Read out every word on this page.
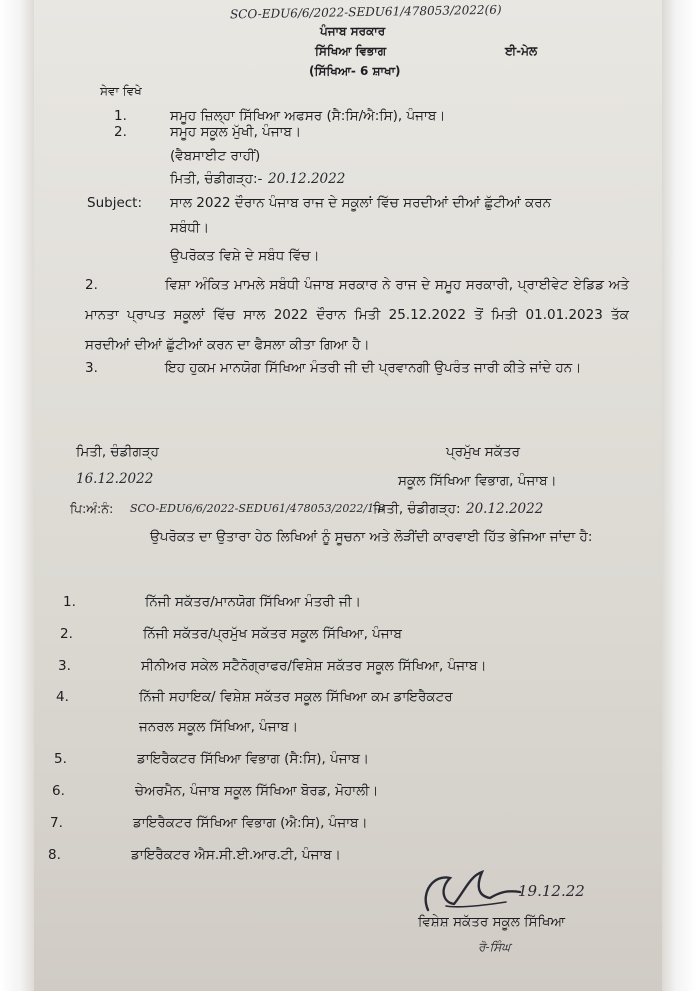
SCO-EDU6/6/2022-SEDU61/478053/2022(6)
ਪੰਜਾਬ ਸਰਕਾਰ
ਸਿੱਖਿਆ ਵਿਭਾਗ	ਈ-ਮੇਲ
(ਸਿੱਖਿਆ- 6 ਸ਼ਾਖਾ)
ਸੇਵਾ ਵਿਖੇ
1.	ਸਮੂਹ ਜ਼ਿਲ੍ਹਾ ਸਿੱਖਿਆ ਅਫਸਰ (ਸੈ:ਸਿ/ਐ:ਸਿ), ਪੰਜਾਬ।
2.	ਸਮੂਹ ਸਕੂਲ ਮੁੱਖੀ, ਪੰਜਾਬ।
(ਵੈਬਸਾਈਟ ਰਾਹੀਂ)
ਮਿਤੀ, ਚੰਡੀਗੜ੍ਹ:- 20.12.2022
Subject: ਸਾਲ 2022 ਦੌਰਾਨ ਪੰਜਾਬ ਰਾਜ ਦੇ ਸਕੂਲਾਂ ਵਿੱਚ ਸਰਦੀਆਂ ਦੀਆਂ ਛੁੱਟੀਆਂ ਕਰਨ
ਸਬੰਧੀ।
ਉਪਰੋਕਤ ਵਿਸ਼ੇ ਦੇ ਸਬੰਧ ਵਿੱਚ।
2.	ਵਿਸ਼ਾ ਅੰਕਿਤ ਮਾਮਲੇ ਸਬੰਧੀ ਪੰਜਾਬ ਸਰਕਾਰ ਨੇ ਰਾਜ ਦੇ ਸਮੂਹ ਸਰਕਾਰੀ, ਪ੍ਰਾਈਵੇਟ ਏਡਿਡ ਅਤੇ ਮਾਨਤਾ ਪ੍ਰਾਪਤ ਸਕੂਲਾਂ ਵਿੱਚ ਸਾਲ 2022 ਦੌਰਾਨ ਮਿਤੀ 25.12.2022 ਤੋਂ ਮਿਤੀ 01.01.2023 ਤੱਕ ਸਰਦੀਆਂ ਦੀਆਂ ਛੁੱਟੀਆਂ ਕਰਨ ਦਾ ਫੈਸਲਾ ਕੀਤਾ ਗਿਆ ਹੈ।
3.	ਇਹ ਹੁਕਮ ਮਾਨਯੋਗ ਸਿੱਖਿਆ ਮੰਤਰੀ ਜੀ ਦੀ ਪ੍ਰਵਾਨਗੀ ਉਪਰੰਤ ਜਾਰੀ ਕੀਤੇ ਜਾਂਦੇ ਹਨ।
ਮਿਤੀ, ਚੰਡੀਗੜ੍ਹ	ਪ੍ਰਮੁੱਖ ਸਕੱਤਰ
16.12.2022	ਸਕੂਲ ਸਿੱਖਿਆ ਵਿਭਾਗ, ਪੰਜਾਬ।
ਪਿ:ਅੰ:ਨੰ: SCO-EDU6/6/2022-SEDU61/478053/2022/1-8
ਮਿਤੀ, ਚੰਡੀਗੜ੍ਹ: 20.12.2022
ਉਪਰੋਕਤ ਦਾ ਉਤਾਰਾ ਹੇਠ ਲਿਖਿਆਂ ਨੂੰ ਸੂਚਨਾ ਅਤੇ ਲੋੜੀਂਦੀ ਕਾਰਵਾਈ ਹਿੱਤ ਭੇਜਿਆ ਜਾਂਦਾ ਹੈ:
1.	ਨਿੱਜੀ ਸਕੱਤਰ/ਮਾਨਯੋਗ ਸਿੱਖਿਆ ਮੰਤਰੀ ਜੀ।
2.	ਨਿੱਜੀ ਸਕੱਤਰ/ਪ੍ਰਮੁੱਖ ਸਕੱਤਰ ਸਕੂਲ ਸਿੱਖਿਆ, ਪੰਜਾਬ
3.	ਸੀਨੀਅਰ ਸਕੇਲ ਸਟੈਨੋਗ੍ਰਾਫਰ/ਵਿਸ਼ੇਸ਼ ਸਕੱਤਰ ਸਕੂਲ ਸਿੱਖਿਆ, ਪੰਜਾਬ।
4.	ਨਿੱਜੀ ਸਹਾਇਕ/ ਵਿਸ਼ੇਸ਼ ਸਕੱਤਰ ਸਕੂਲ ਸਿੱਖਿਆ ਕਮ ਡਾਇਰੈਕਟਰ
ਜਨਰਲ ਸਕੂਲ ਸਿੱਖਿਆ, ਪੰਜਾਬ।
5.	ਡਾਇਰੈਕਟਰ ਸਿੱਖਿਆ ਵਿਭਾਗ (ਸੈ:ਸਿ), ਪੰਜਾਬ।
6.	ਚੇਅਰਮੈਨ, ਪੰਜਾਬ ਸਕੂਲ ਸਿੱਖਿਆ ਬੋਰਡ, ਮੋਹਾਲੀ।
7.	ਡਾਇਰੈਕਟਰ ਸਿੱਖਿਆ ਵਿਭਾਗ (ਐ:ਸਿ), ਪੰਜਾਬ।
8.	ਡਾਇਰੈਕਟਰ ਐਸ.ਸੀ.ਈ.ਆਰ.ਟੀ, ਪੰਜਾਬ।
19.12.22
ਵਿਸ਼ੇਸ਼ ਸਕੱਤਰ ਸਕੂਲ ਸਿੱਖਿਆ
ਰੋ-ਸਿੰਘ
